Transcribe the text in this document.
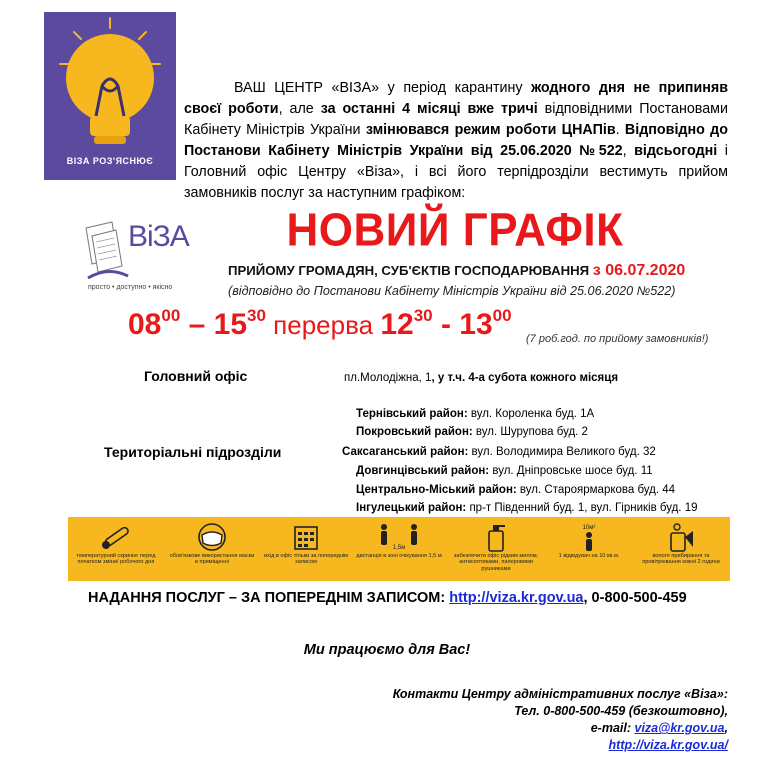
ВІЗА РОЗ'ЯСНЮЄ
ВАШ ЦЕНТР «ВІЗА» у період карантину жодного дня не припиняв своєї роботи, але за останні 4 місяці вже тричі відповідними Постановами Кабінету Міністрів України змінювався режим роботи ЦНАПів. Відповідно до Постанови Кабінету Міністрів України від 25.06.2020 №522, відсьогодні і Головний офіс Центру «Віза», і всі його терпідрозділи вестимуть прийом замовників послуг за наступним графіком:
ВіЗА
просто • доступно • якісно
НОВИЙ ГРАФІК
ПРИЙОМУ ГРОМАДЯН, СУБ'ЄКТІВ ГОСПОДАРЮВАННЯ з 06.07.2020
(відповідно до Постанови Кабінету Міністрів України від 25.06.2020 №522)
$08^{00} - 15^{30}$ перерва $12^{30} - 13^{00}$
(7 роб.год. по прийому замовників!)
Головний офіс	пл.Молодіжна, 1, у т.ч. 4-а субота кожного місяця
Територіальні підрозділи
Тернівський район: вул. Короленка буд. 1А
Покровський район: вул. Шурупова буд. 2
Саксаганський район: вул. Володимира Великого буд. 32
Довгинцівський район: вул. Дніпровське шосе буд. 11
Центрально-Міський район: вул. Староярмаркова буд. 44
Інгулецький район: пр-т Південний буд. 1, вул. Гірників буд. 19
температурний скринінг перед початком зміни/ робочого дня
обов'язкове використання маски в приміщенні
вхід в офіс тільки за попереднім записом
1,5м
дистанція в зоні очікування 1,5 м	забезпечити офіс рідким милом, антисептиками, паперовими рушниками
10м²
1 відвідувач на 10 кв.м.	вологе прибирання та провітрювання кожні 2 години
НАДАННЯ ПОСЛУГ – ЗА ПОПЕРЕДНІМ ЗАПИСОМ: http://viza.kr.gov.ua, 0-800-500-459
Ми працюємо для Вас!
Контакти Центру адміністративних послуг «Віза»:
Тел. 0-800-500-459 (безкоштовно),
e-mail: viza@kr.gov.ua,
http://viza.kr.gov.ua/
